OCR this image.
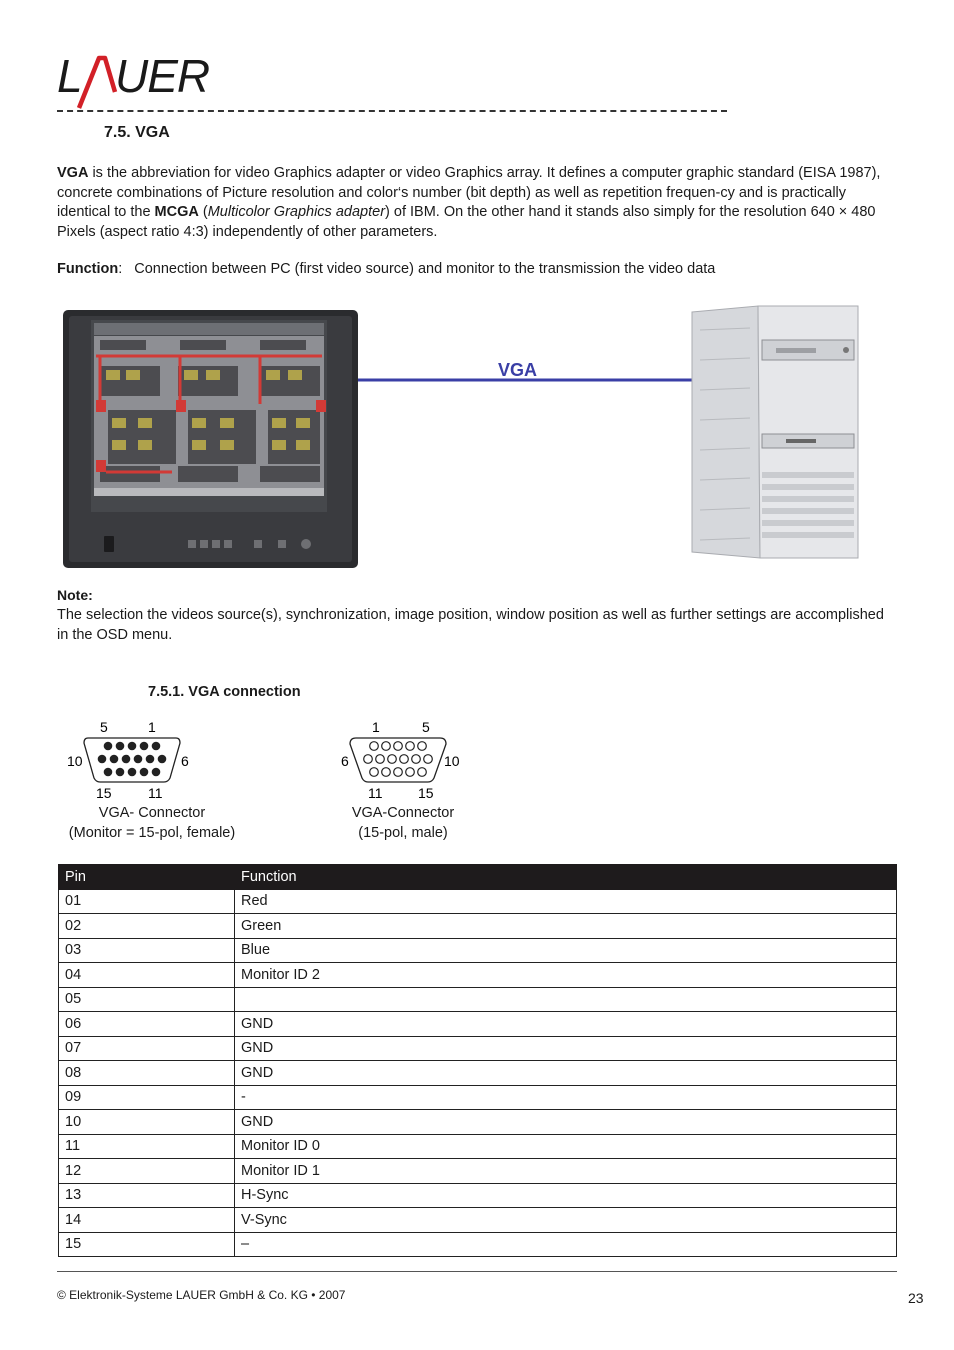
L UER
7.5. VGA
VGA is the abbreviation for video Graphics adapter or video Graphics array. It defines a computer graphic standard (EISA 1987), concrete combinations of Picture resolution and color‘s number (bit depth) as well as repetition frequen-cy and is practically identical to the MCGA (Multicolor Graphics adapter) of IBM. On the other hand it stands also simply for the resolution 640 × 480 Pixels (aspect ratio 4:3) independently of other parameters.
Function: Connection between PC (first video source) and monitor to the transmission the video data
VGA
Note:
The selection the videos source(s), synchronization, image position, window position as well as further settings are accomplished in the OSD menu.
7.5.1. VGA connection
5	1
10	6
15	11
VGA- Connector
(Monitor = 15-pol, female)
1	5
6	10
11	15
VGA-Connector
(15-pol, male)
Pin	Function
01	Red
02	Green
03	Blue
04	Monitor ID 2
05	
06	GND
07	GND
08	GND
09	-
10	GND
11	Monitor ID 0
12	Monitor ID 1
13	H-Sync
14	V-Sync
15	–
© Elektronik-Systeme LAUER GmbH & Co. KG • 2007	23
